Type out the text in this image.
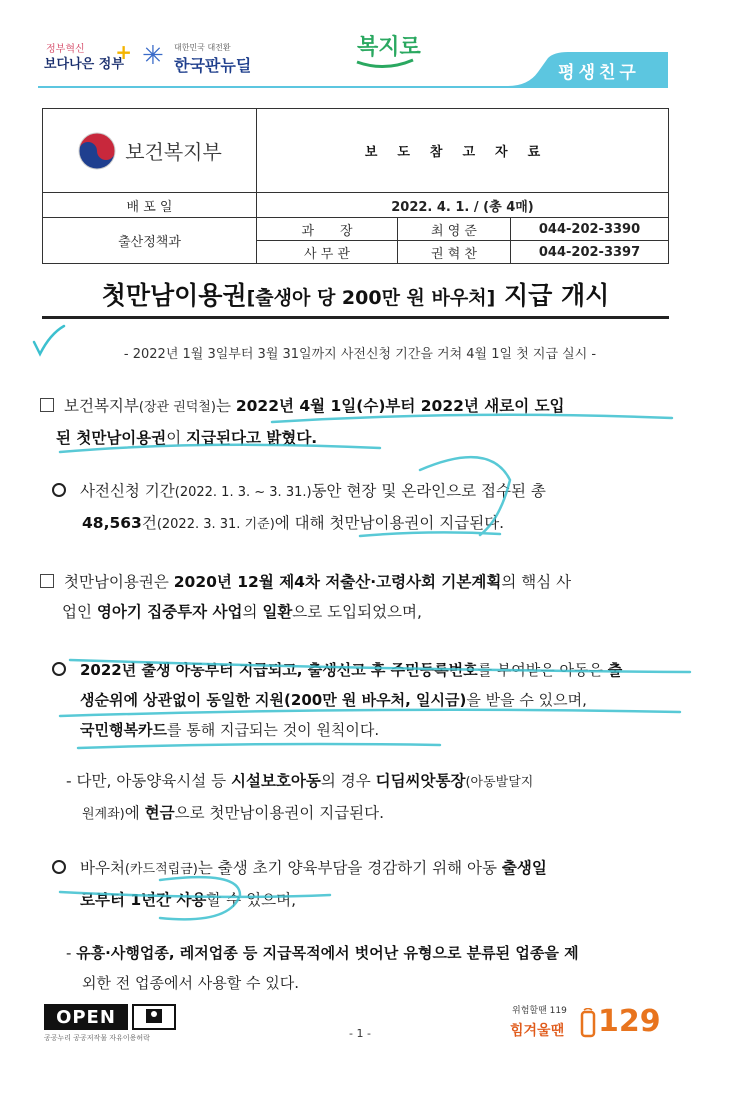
정부혁신
보다나은 정부
+ ✳ 대한민국 대전환
한국판뉴딜	평생친구
복지로
보건복지부	보도참고자료		
배 포 일	2022. 4. 1. / (총 4매)		
출산정책과	과　　장	최 영 준	044-202-3390
	사 무 관	권 혁 찬	044-202-3397
첫만남이용권[출생아 당 200만 원 바우처] 지급 개시
- 2022년 1월 3일부터 3월 31일까지 사전신청 기간을 거쳐 4월 1일 첫 지급 실시 -
보건복지부(장관 권덕철)는 2022년 4월 1일(수)부터 2022년 새로이 도입
된 첫만남이용권이 지급된다고 밝혔다.
사전신청 기간(2022. 1. 3. ~ 3. 31.)동안 현장 및 온라인으로 접수된 총
48,563건(2022. 3. 31. 기준)에 대해 첫만남이용권이 지급된다.
첫만남이용권은 2020년 12월 제4차 저출산·고령사회 기본계획의 핵심 사
업인 영아기 집중투자 사업의 일환으로 도입되었으며,
2022년 출생 아동부터 지급되고, 출생신고 후 주민등록번호를 부여받은 아동은 출
생순위에 상관없이 동일한 지원(200만 원 바우처, 일시금)을 받을 수 있으며,
국민행복카드를 통해 지급되는 것이 원칙이다.
- 다만, 아동양육시설 등 시설보호아동의 경우 디딤씨앗통장(아동발달지
원계좌)에 현금으로 첫만남이용권이 지급된다.
바우처(카드적립금)는 출생 초기 양육부담을 경감하기 위해 아동 출생일
로부터 1년간 사용할 수 있으며,
- 유흥·사행업종, 레저업종 등 지급목적에서 벗어난 유형으로 분류된 업종을 제
외한 전 업종에서 사용할 수 있다.
OPEN
공공누리 공공저작물 자유이용허락	- 1 -
위험할땐 119
힘겨울땐 129
